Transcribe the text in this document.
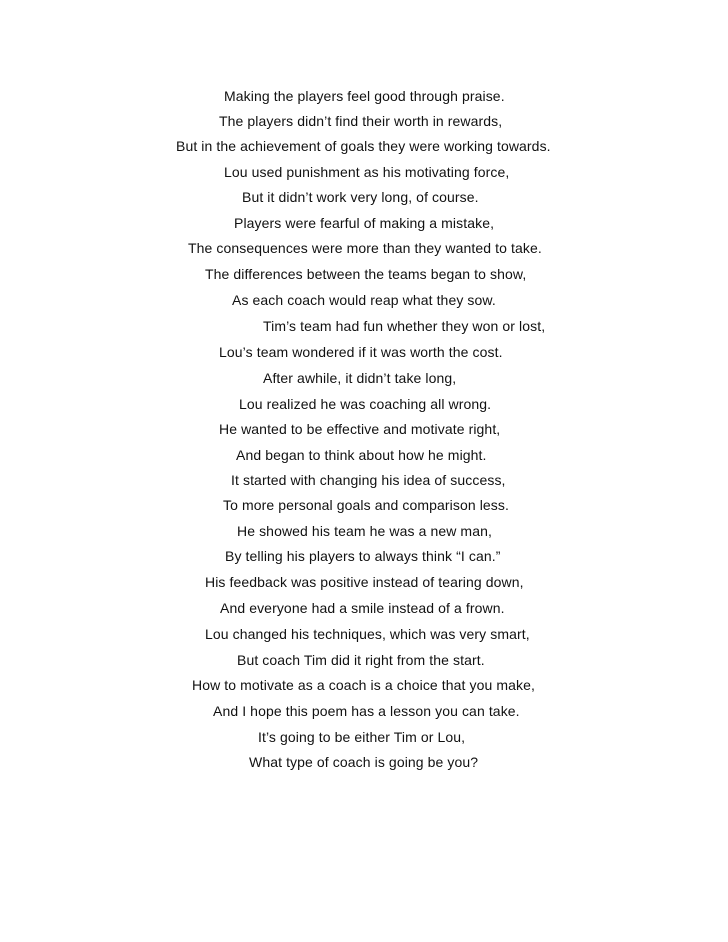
Making the players feel good through praise.
The players didn’t find their worth in rewards,
But in the achievement of goals they were working towards.
Lou used punishment as his motivating force,
But it didn’t work very long, of course.
Players were fearful of making a mistake,
The consequences were more than they wanted to take.
The differences between the teams began to show,
As each coach would reap what they sow.
Tim’s team had fun whether they won or lost,
Lou’s team wondered if it was worth the cost.
After awhile, it didn’t take long,
Lou realized he was coaching all wrong.
He wanted to be effective and motivate right,
And began to think about how he might.
It started with changing his idea of success,
To more personal goals and comparison less.
He showed his team he was a new man,
By telling his players to always think “I can.”
His feedback was positive instead of tearing down,
And everyone had a smile instead of a frown.
Lou changed his techniques, which was very smart,
But coach Tim did it right from the start.
How to motivate as a coach is a choice that you make,
And I hope this poem has a lesson you can take.
It’s going to be either Tim or Lou,
What type of coach is going be you?
